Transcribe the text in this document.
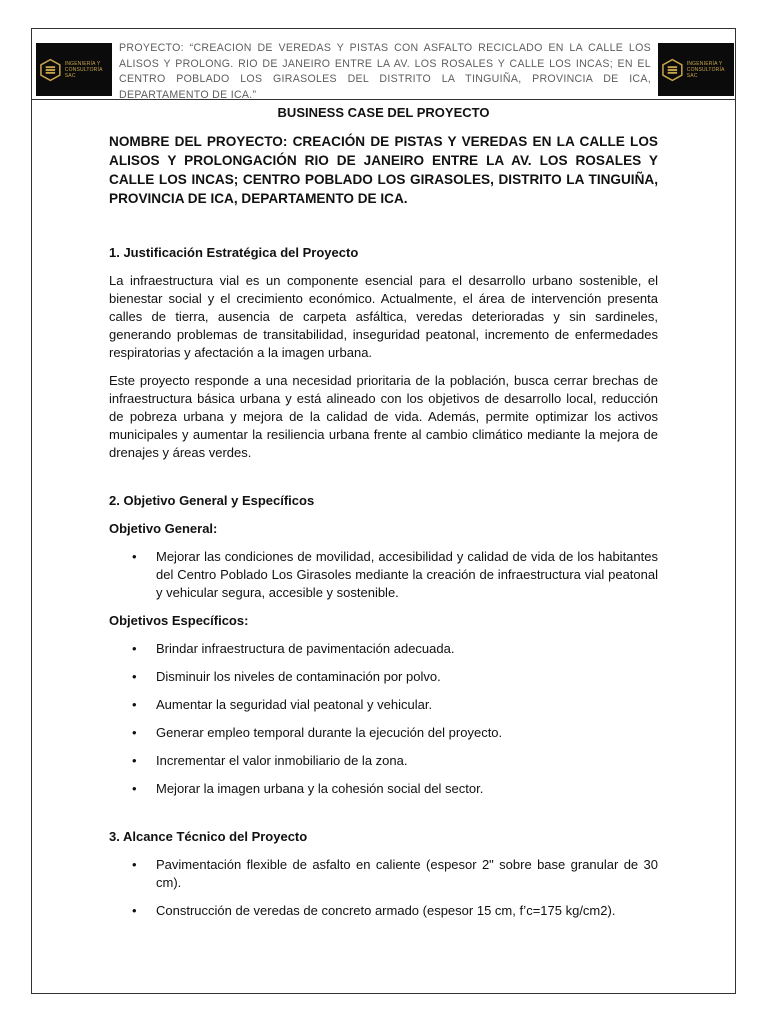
INGENIERÍA Y
CONSULTORÍA SAC
PROYECTO: “CREACION DE VEREDAS Y PISTAS CON ASFALTO RECICLADO EN LA CALLE LOS ALISOS Y PROLONG. RIO DE JANEIRO ENTRE LA AV. LOS ROSALES Y CALLE LOS INCAS; EN EL CENTRO POBLADO LOS GIRASOLES DEL DISTRITO LA TINGUIÑA, PROVINCIA DE ICA, DEPARTAMENTO DE ICA.”
INGENIERÍA Y
CONSULTORÍA SAC
BUSINESS CASE DEL PROYECTO

NOMBRE DEL PROYECTO: CREACIÓN DE PISTAS Y VEREDAS EN LA CALLE LOS ALISOS Y PROLONGACIÓN RIO DE JANEIRO ENTRE LA AV. LOS ROSALES Y CALLE LOS INCAS; CENTRO POBLADO LOS GIRASOLES, DISTRITO LA TINGUIÑA, PROVINCIA DE ICA, DEPARTAMENTO DE ICA.

1. Justificación Estratégica del Proyecto

La infraestructura vial es un componente esencial para el desarrollo urbano sostenible, el bienestar social y el crecimiento económico. Actualmente, el área de intervención presenta calles de tierra, ausencia de carpeta asfáltica, veredas deterioradas y sin sardineles, generando problemas de transitabilidad, inseguridad peatonal, incremento de enfermedades respiratorias y afectación a la imagen urbana.

Este proyecto responde a una necesidad prioritaria de la población, busca cerrar brechas de infraestructura básica urbana y está alineado con los objetivos de desarrollo local, reducción de pobreza urbana y mejora de la calidad de vida. Además, permite optimizar los activos municipales y aumentar la resiliencia urbana frente al cambio climático mediante la mejora de drenajes y áreas verdes.

2. Objetivo General y Específicos
Objetivo General:
• Mejorar las condiciones de movilidad, accesibilidad y calidad de vida de los habitantes del Centro Poblado Los Girasoles mediante la creación de infraestructura vial peatonal y vehicular segura, accesible y sostenible.
Objetivos Específicos:
• Brindar infraestructura de pavimentación adecuada.
• Disminuir los niveles de contaminación por polvo.
• Aumentar la seguridad vial peatonal y vehicular.
• Generar empleo temporal durante la ejecución del proyecto.
• Incrementar el valor inmobiliario de la zona.
• Mejorar la imagen urbana y la cohesión social del sector.
3. Alcance Técnico del Proyecto
• Pavimentación flexible de asfalto en caliente (espesor 2" sobre base granular de 30 cm).
• Construcción de veredas de concreto armado (espesor 15 cm, f’c=175 kg/cm2).
